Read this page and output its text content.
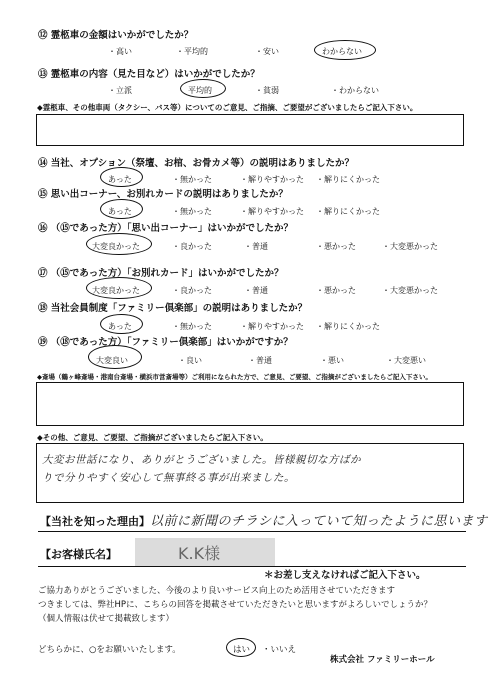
⑫ 霊柩車の金額はいかがでしたか？
・高い	・平均的	・安い	わからない
⑬ 霊柩車の内容（見た目など）はいかがでしたか？
・立派	平均的	・貧弱	・わからない
◆霊柩車、その他車両（タクシー、バス等）についてのご意見、ご指摘、ご要望がございましたらご記入下さい。
⑭ 当社、オプション（祭壇、お棺、お骨カメ等）の説明はありましたか？
あった	・無かった	・解りやすかった ・解りにくかった
⑮ 思い出コーナー、お別れカードの説明はありましたか？
あった	・無かった	・解りやすかった ・解りにくかった
⑯ （⑮であった方）「思い出コーナー」はいかがでしたか？
大変良かった	・良かった	・普通	・悪かった	・大変悪かった
⑰ （⑮であった方）「お別れカード」はいかがでしたか？
大変良かった	・良かった	・普通	・悪かった	・大変悪かった
⑱ 当社会員制度「ファミリー倶楽部」の説明はありましたか？
あった	・無かった	・解りやすかった ・解りにくかった
⑲ （⑱であった方）「ファミリー倶楽部」はいかがですか？
大変良い	・良い	・普通	・悪い	・大変悪い
◆斎場（鶴ヶ峰斎場・港南台斎場・横浜市営斎場等）ご利用になられた方で、ご意見、ご要望、ご指摘がございましたらご記入下さい。
◆その他、ご意見、ご要望、ご指摘がございましたらご記入下さい。
大変お世話になり、ありがとうございました。皆様親切な方ばか
りで分りやすく安心して無事終る事が出来ました。
【当社を知った理由】 以前に新聞のチラシに入っていて知ったように思います
【お客様氏名】	K.K様
＊お差し支えなければご記入下さい。
ご協力ありがとうございました、今後のより良いサービス向上のため活用させていただきます
つきましては、弊社HPに、こちらの回答を掲載させていただきたいと思いますがよろしいでしょうか？
（個人情報は伏せて掲載致します）
どちらかに、○をお願いいたします。	はい ・いいえ
株式会社 ファミリーホール
